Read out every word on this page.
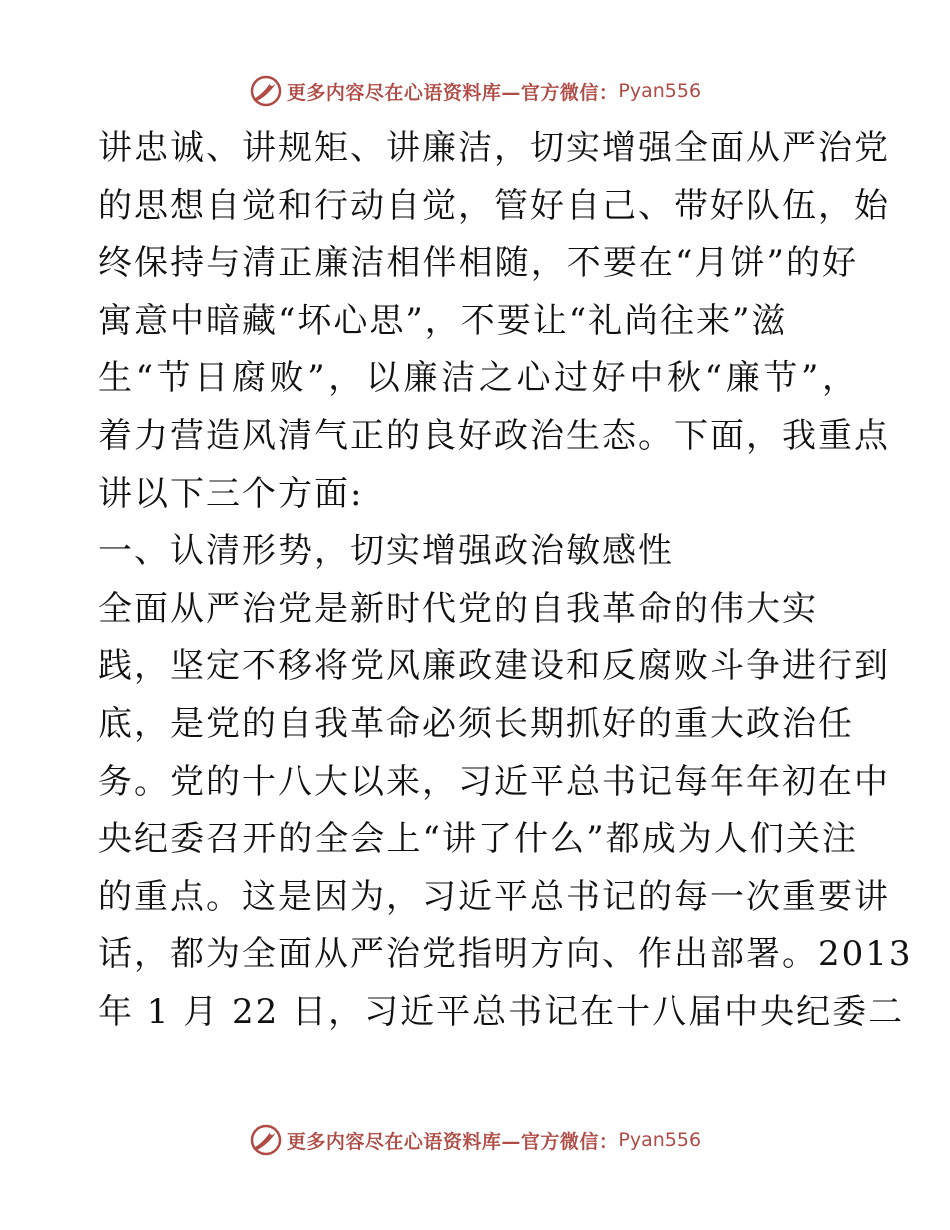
更多内容尽在心语资料库—官方微信： Pyan556
讲忠诚、讲规矩、讲廉洁，切实增强全面从严治党
的思想自觉和行动自觉，管好自己、带好队伍，始
终保持与清正廉洁相伴相随，不要在“月饼”的好
寓意中暗藏“坏心思”，不要让“礼尚往来”滋
生“节日腐败”，以廉洁之心过好中秋“廉节”，
着力营造风清气正的良好政治生态。下面，我重点
讲以下三个方面:
一、认清形势，切实增强政治敏感性
全面从严治党是新时代党的自我革命的伟大实
践，坚定不移将党风廉政建设和反腐败斗争进行到
底，是党的自我革命必须长期抓好的重大政治任
务。党的十八大以来，习近平总书记每年年初在中
央纪委召开的全会上“讲了什么”都成为人们关注
的重点。这是因为，习近平总书记的每一次重要讲
话，都为全面从严治党指明方向、作出部署。2013
年 1 月 22 日，习近平总书记在十八届中央纪委二
更多内容尽在心语资料库—官方微信： Pyan556
